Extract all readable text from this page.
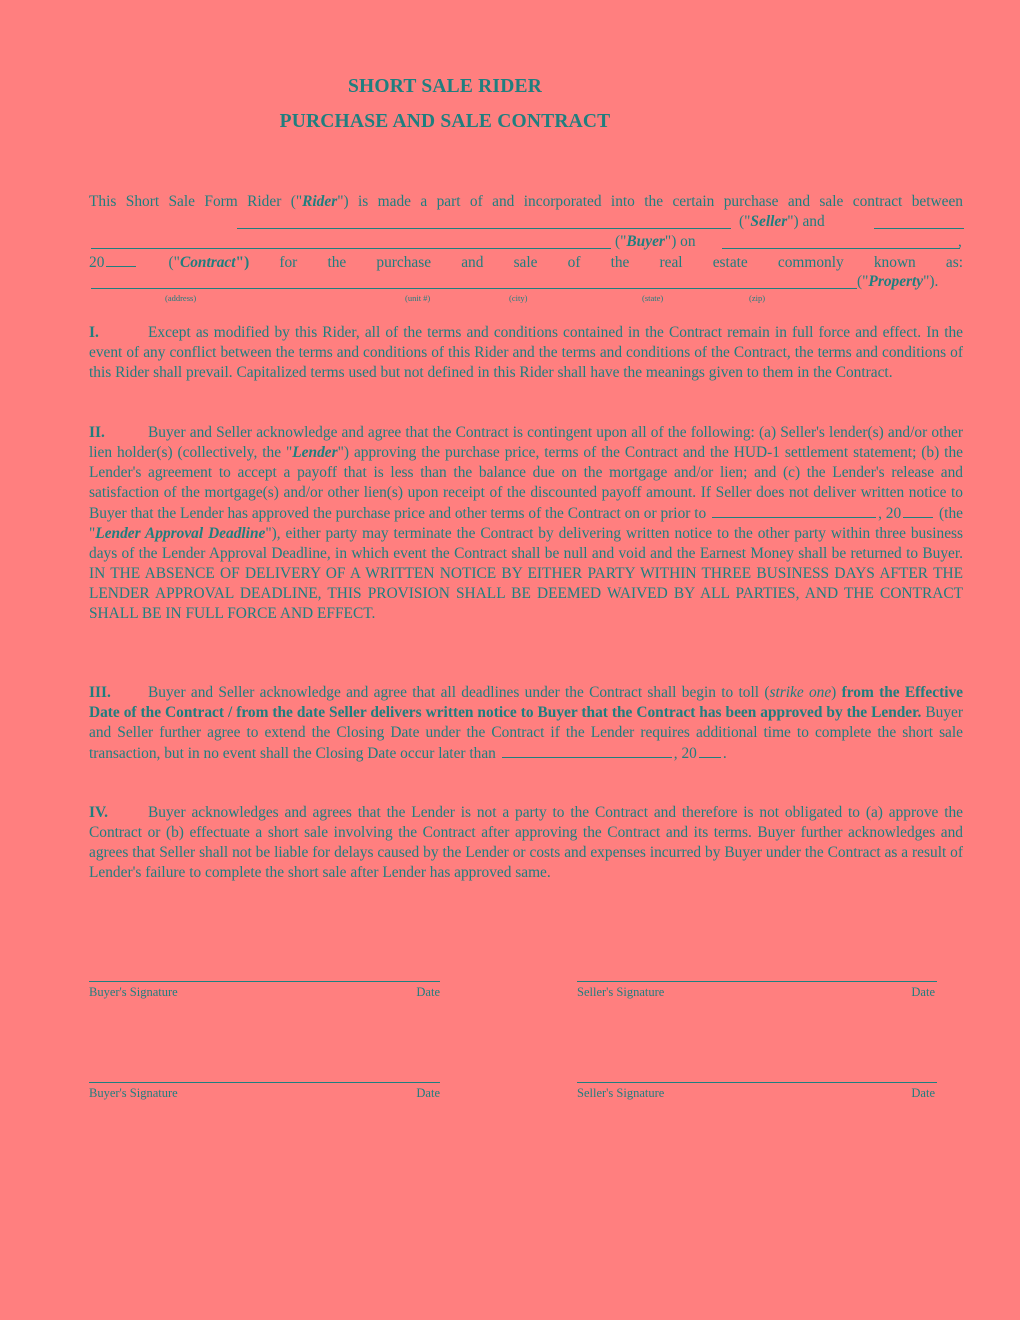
SHORT SALE RIDER
PURCHASE AND SALE CONTRACT
This Short Sale Form Rider ("Rider") is made a part of and incorporated into the certain purchase and sale contract between
("Seller") and
("Buyer") on	,
20	("Contract") for the purchase and sale of the real estate commonly known as:
("Property").
(address)	(unit #)	(city)	(state)	(zip)
I.	Except as modified by this Rider, all of the terms and conditions contained in the Contract remain in full force and effect. In the event of any conflict between the terms and conditions of this Rider and the terms and conditions of the Contract, the terms and conditions of this Rider shall prevail. Capitalized terms used but not defined in this Rider shall have the meanings given to them in the Contract.
II.	Buyer and Seller acknowledge and agree that the Contract is contingent upon all of the following: (a) Seller's lender(s) and/or other lien holder(s) (collectively, the "Lender") approving the purchase price, terms of the Contract and the HUD-1 settlement statement; (b) the Lender's agreement to accept a payoff that is less than the balance due on the mortgage and/or lien; and (c) the Lender's release and satisfaction of the mortgage(s) and/or other lien(s) upon receipt of the discounted payoff amount. If Seller does not deliver written notice to Buyer that the Lender has approved the purchase price and other terms of the Contract on or prior to	, 20 (the "Lender Approval Deadline"), either party may terminate the Contract by delivering written notice to the other party within three business days of the Lender Approval Deadline, in which event the Contract shall be null and void and the Earnest Money shall be returned to Buyer. IN THE ABSENCE OF DELIVERY OF A WRITTEN NOTICE BY EITHER PARTY WITHIN THREE BUSINESS DAYS AFTER THE LENDER APPROVAL DEADLINE, THIS PROVISION SHALL BE DEEMED WAIVED BY ALL PARTIES, AND THE CONTRACT SHALL BE IN FULL FORCE AND EFFECT.
III. Buyer and Seller acknowledge and agree that all deadlines under the Contract shall begin to toll (strike one) from the Effective Date of the Contract / from the date Seller delivers written notice to Buyer that the Contract has been approved by the Lender. Buyer and Seller further agree to extend the Closing Date under the Contract if the Lender requires additional time to complete the short sale transaction, but in no event shall the Closing Date occur later than	, 20 .
IV.	Buyer acknowledges and agrees that the Lender is not a party to the Contract and therefore is not obligated to (a) approve the Contract or (b) effectuate a short sale involving the Contract after approving the Contract and its terms. Buyer further acknowledges and agrees that Seller shall not be liable for delays caused by the Lender or costs and expenses incurred by Buyer under the Contract as a result of Lender's failure to complete the short sale after Lender has approved same.
Buyer's Signature	Date	Seller's Signature	Date
Buyer's Signature	Date	Seller's Signature	Date
